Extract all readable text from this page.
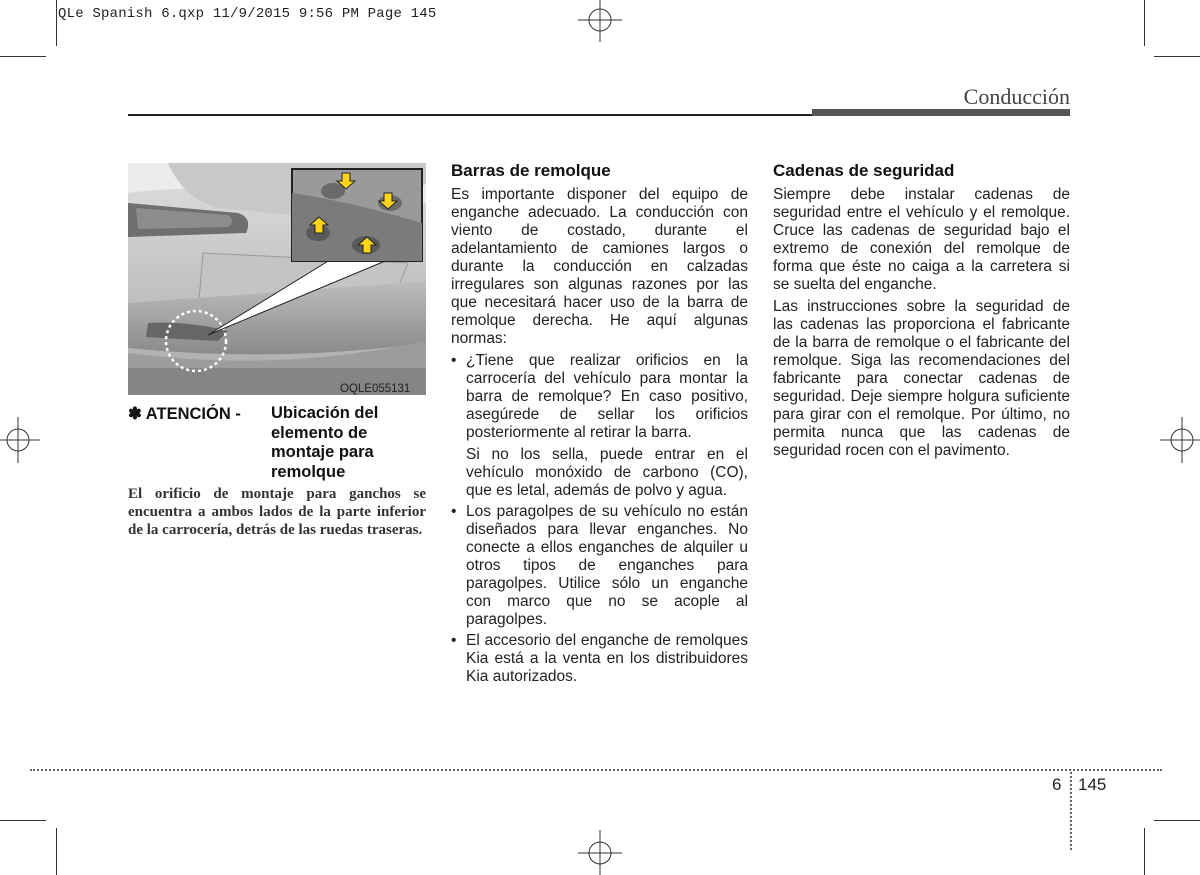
QLe Spanish 6.qxp 11/9/2015 9:56 PM Page 145
Conducción
OQLE055131
✽ ATENCIÓN - Ubicación del elemento de montaje para remolque
El orificio de montaje para ganchos se encuentra a ambos lados de la parte inferior de la carrocería, detrás de las ruedas traseras.
Barras de remolque

Es importante disponer del equipo de enganche adecuado. La conducción con viento de costado, durante el adelantamiento de camiones largos o durante la conducción en calzadas irregulares son algunas razones por las que necesitará hacer uso de la barra de remolque derecha. He aquí algunas normas:

• ¿Tiene que realizar orificios en la carrocería del vehículo para montar la barra de remolque? En caso positivo, asegúrede de sellar los orificios posteriormente al retirar la barra.

Si no los sella, puede entrar en el vehículo monóxido de carbono (CO), que es letal, además de polvo y agua.

• Los paragolpes de su vehículo no están diseñados para llevar enganches. No conecte a ellos enganches de alquiler u otros tipos de enganches para paragolpes. Utilice sólo un enganche con marco que no se acople al paragolpes.

• El accesorio del enganche de remolques Kia está a la venta en los distribuidores Kia autorizados.

Cadenas de seguridad

Siempre debe instalar cadenas de seguridad entre el vehículo y el remolque. Cruce las cadenas de seguridad bajo el extremo de conexión del remolque de forma que éste no caiga a la carretera si se suelta del enganche.

Las instrucciones sobre la seguridad de las cadenas las proporciona el fabricante de la barra de remolque o el fabricante del remolque. Siga las recomendaciones del fabricante para conectar cadenas de seguridad. Deje siempre holgura suficiente para girar con el remolque. Por último, no permita nunca que las cadenas de seguridad rocen con el pavimento.

6 145
